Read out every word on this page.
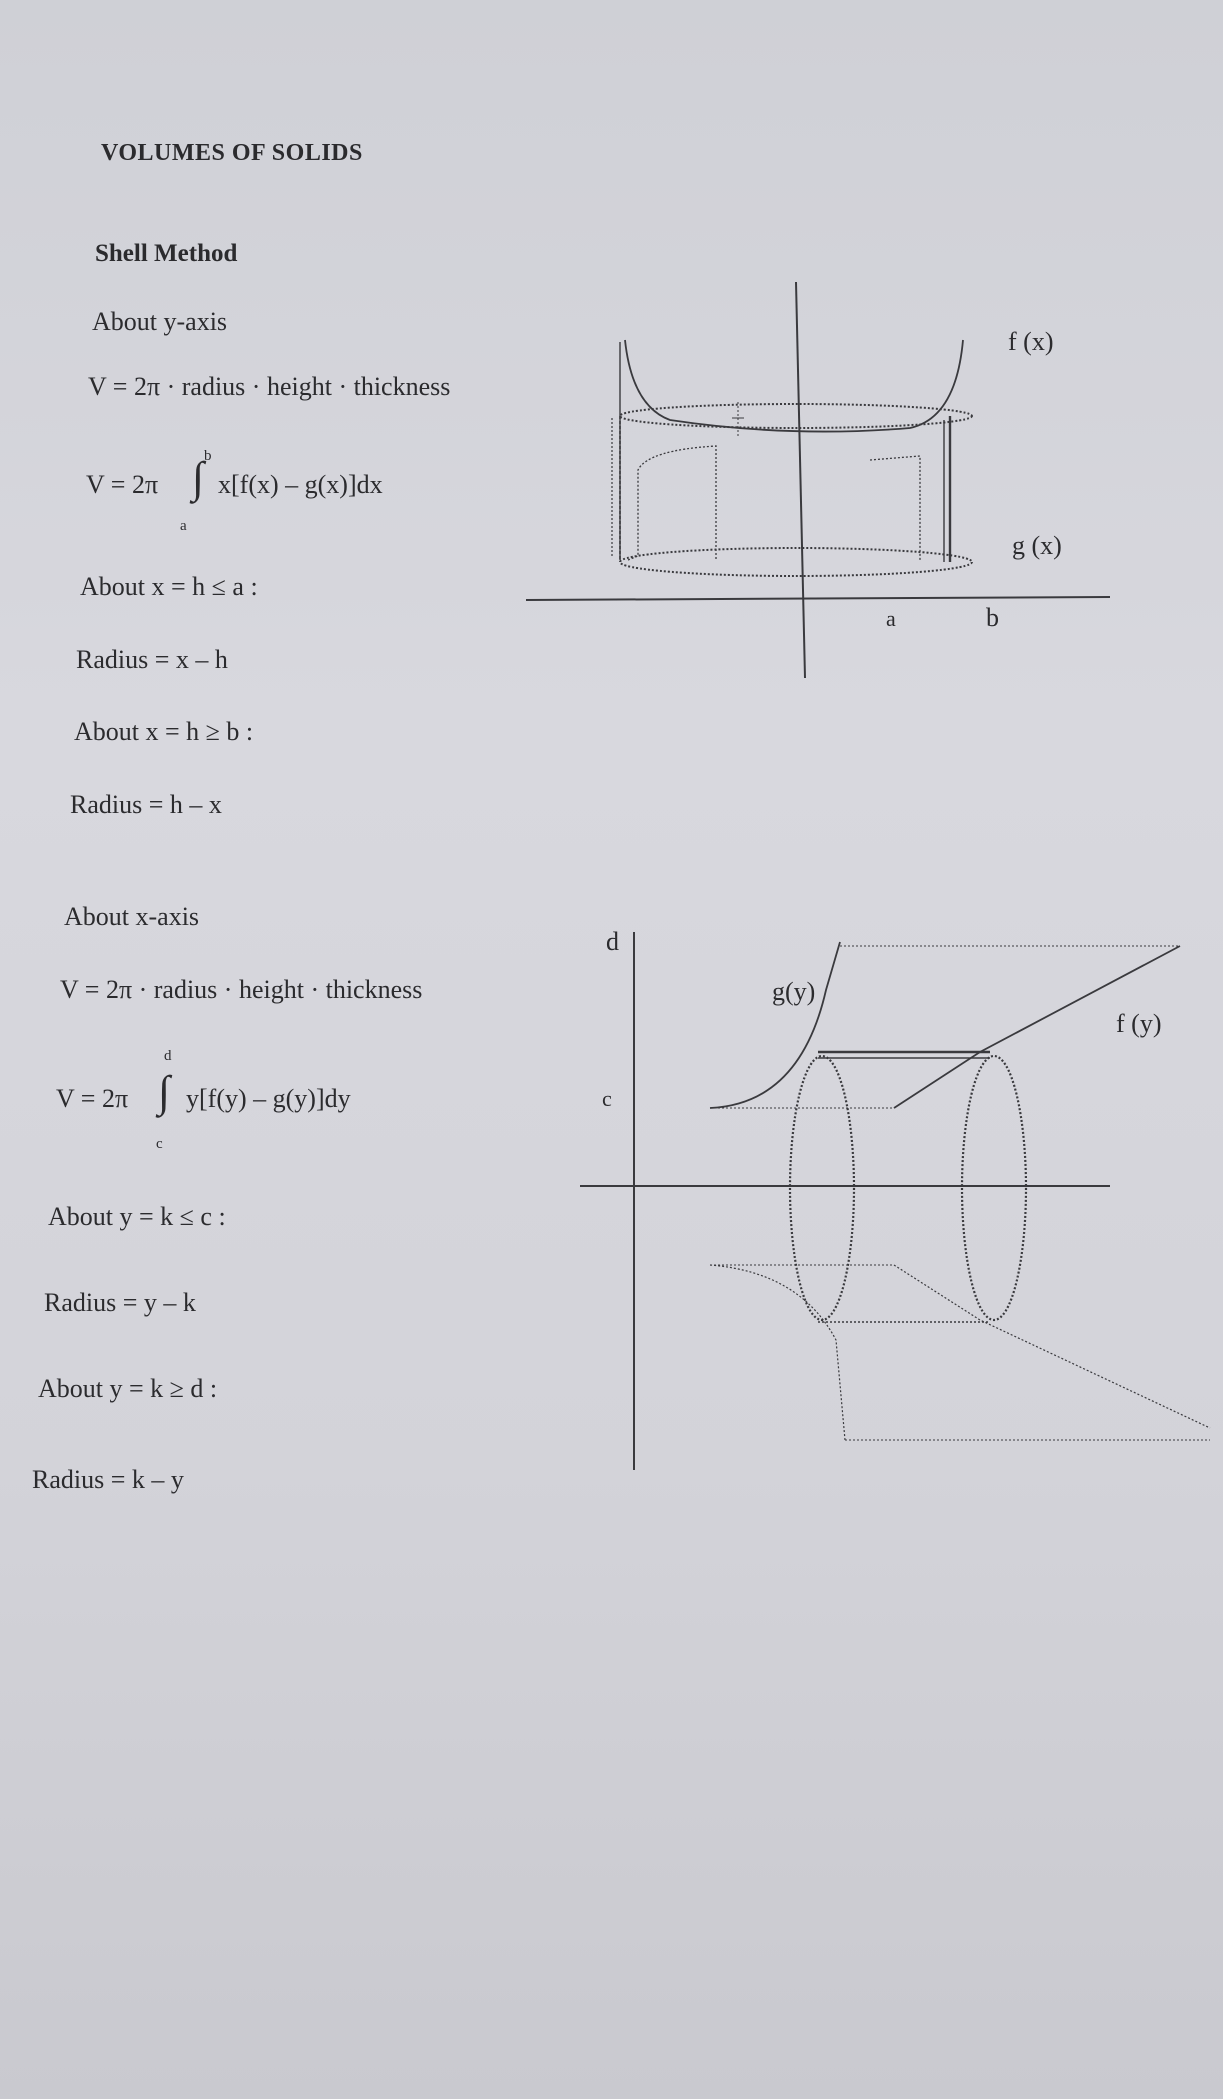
VOLUMES OF SOLIDS
Shell Method
About y-axis
V = 2π · radius · height · thickness
V = 2π ∫ b
a
x[f(x) – g(x)]dx
About x = h ≤ a :
Radius = x – h
About x = h ≥ b :
Radius = h – x
About x-axis
V = 2π · radius · height · thickness
V = 2π ∫
d
c
y[f(y) – g(y)]dy
About y = k ≤ c :
Radius = y – k
About y = k ≥ d :
Radius = k – y
f (x)
g (x)
a	b
d
c
g(y)
f (y)
